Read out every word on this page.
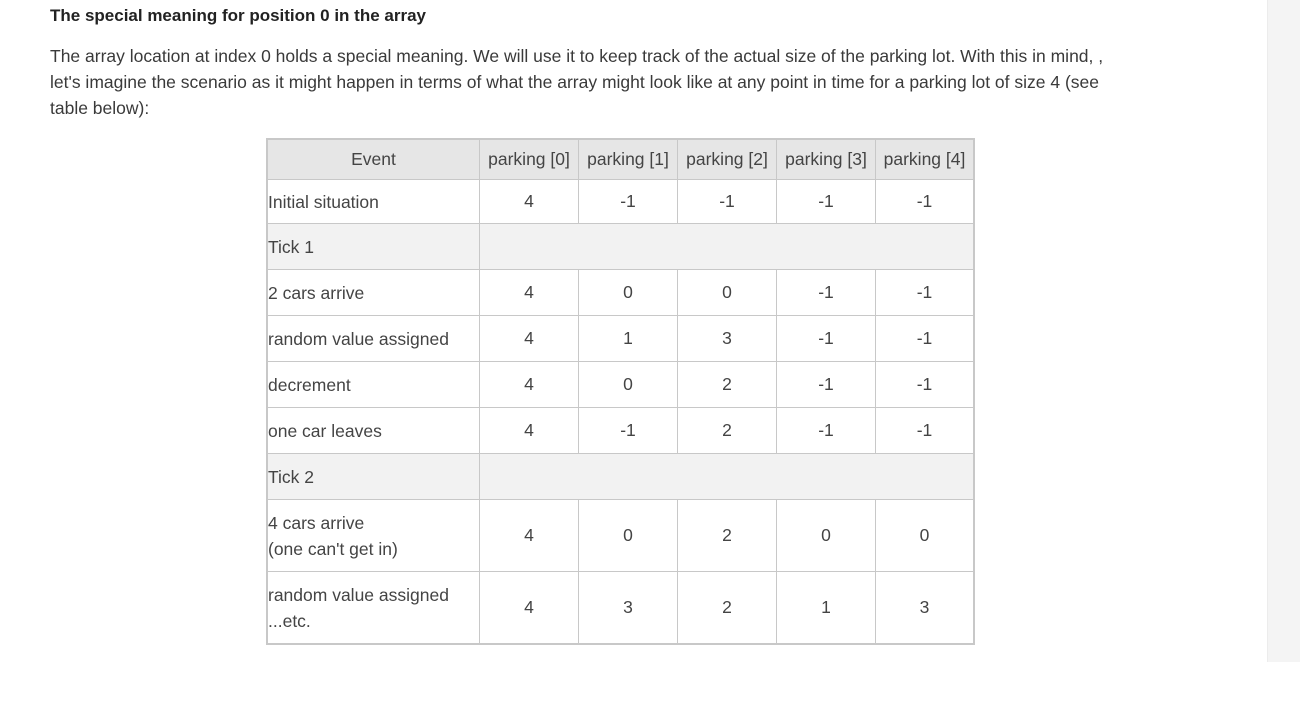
The special meaning for position 0 in the array

The array location at index 0 holds a special meaning. We will use it to keep track of the actual size of the parking lot. With this in mind, ,
let's imagine the scenario as it might happen in terms of what the array might look like at any point in time for a parking lot of size 4 (see
table below):

Event	parking [0]	parking [1]	parking [2]	parking [3]	parking [4]
Initial situation	4	-1	-1	-1	-1
Tick 1					
2 cars arrive	4	0	0	-1	-1
random value assigned	4	1	3	-1	-1
decrement	4	0	2	-1	-1
one car leaves	4	-1	2	-1	-1
Tick 2					
4 cars arrive
(one can't get in)	4	0	2	0	0
random value assigned
...etc.	4	3	2	1	3
